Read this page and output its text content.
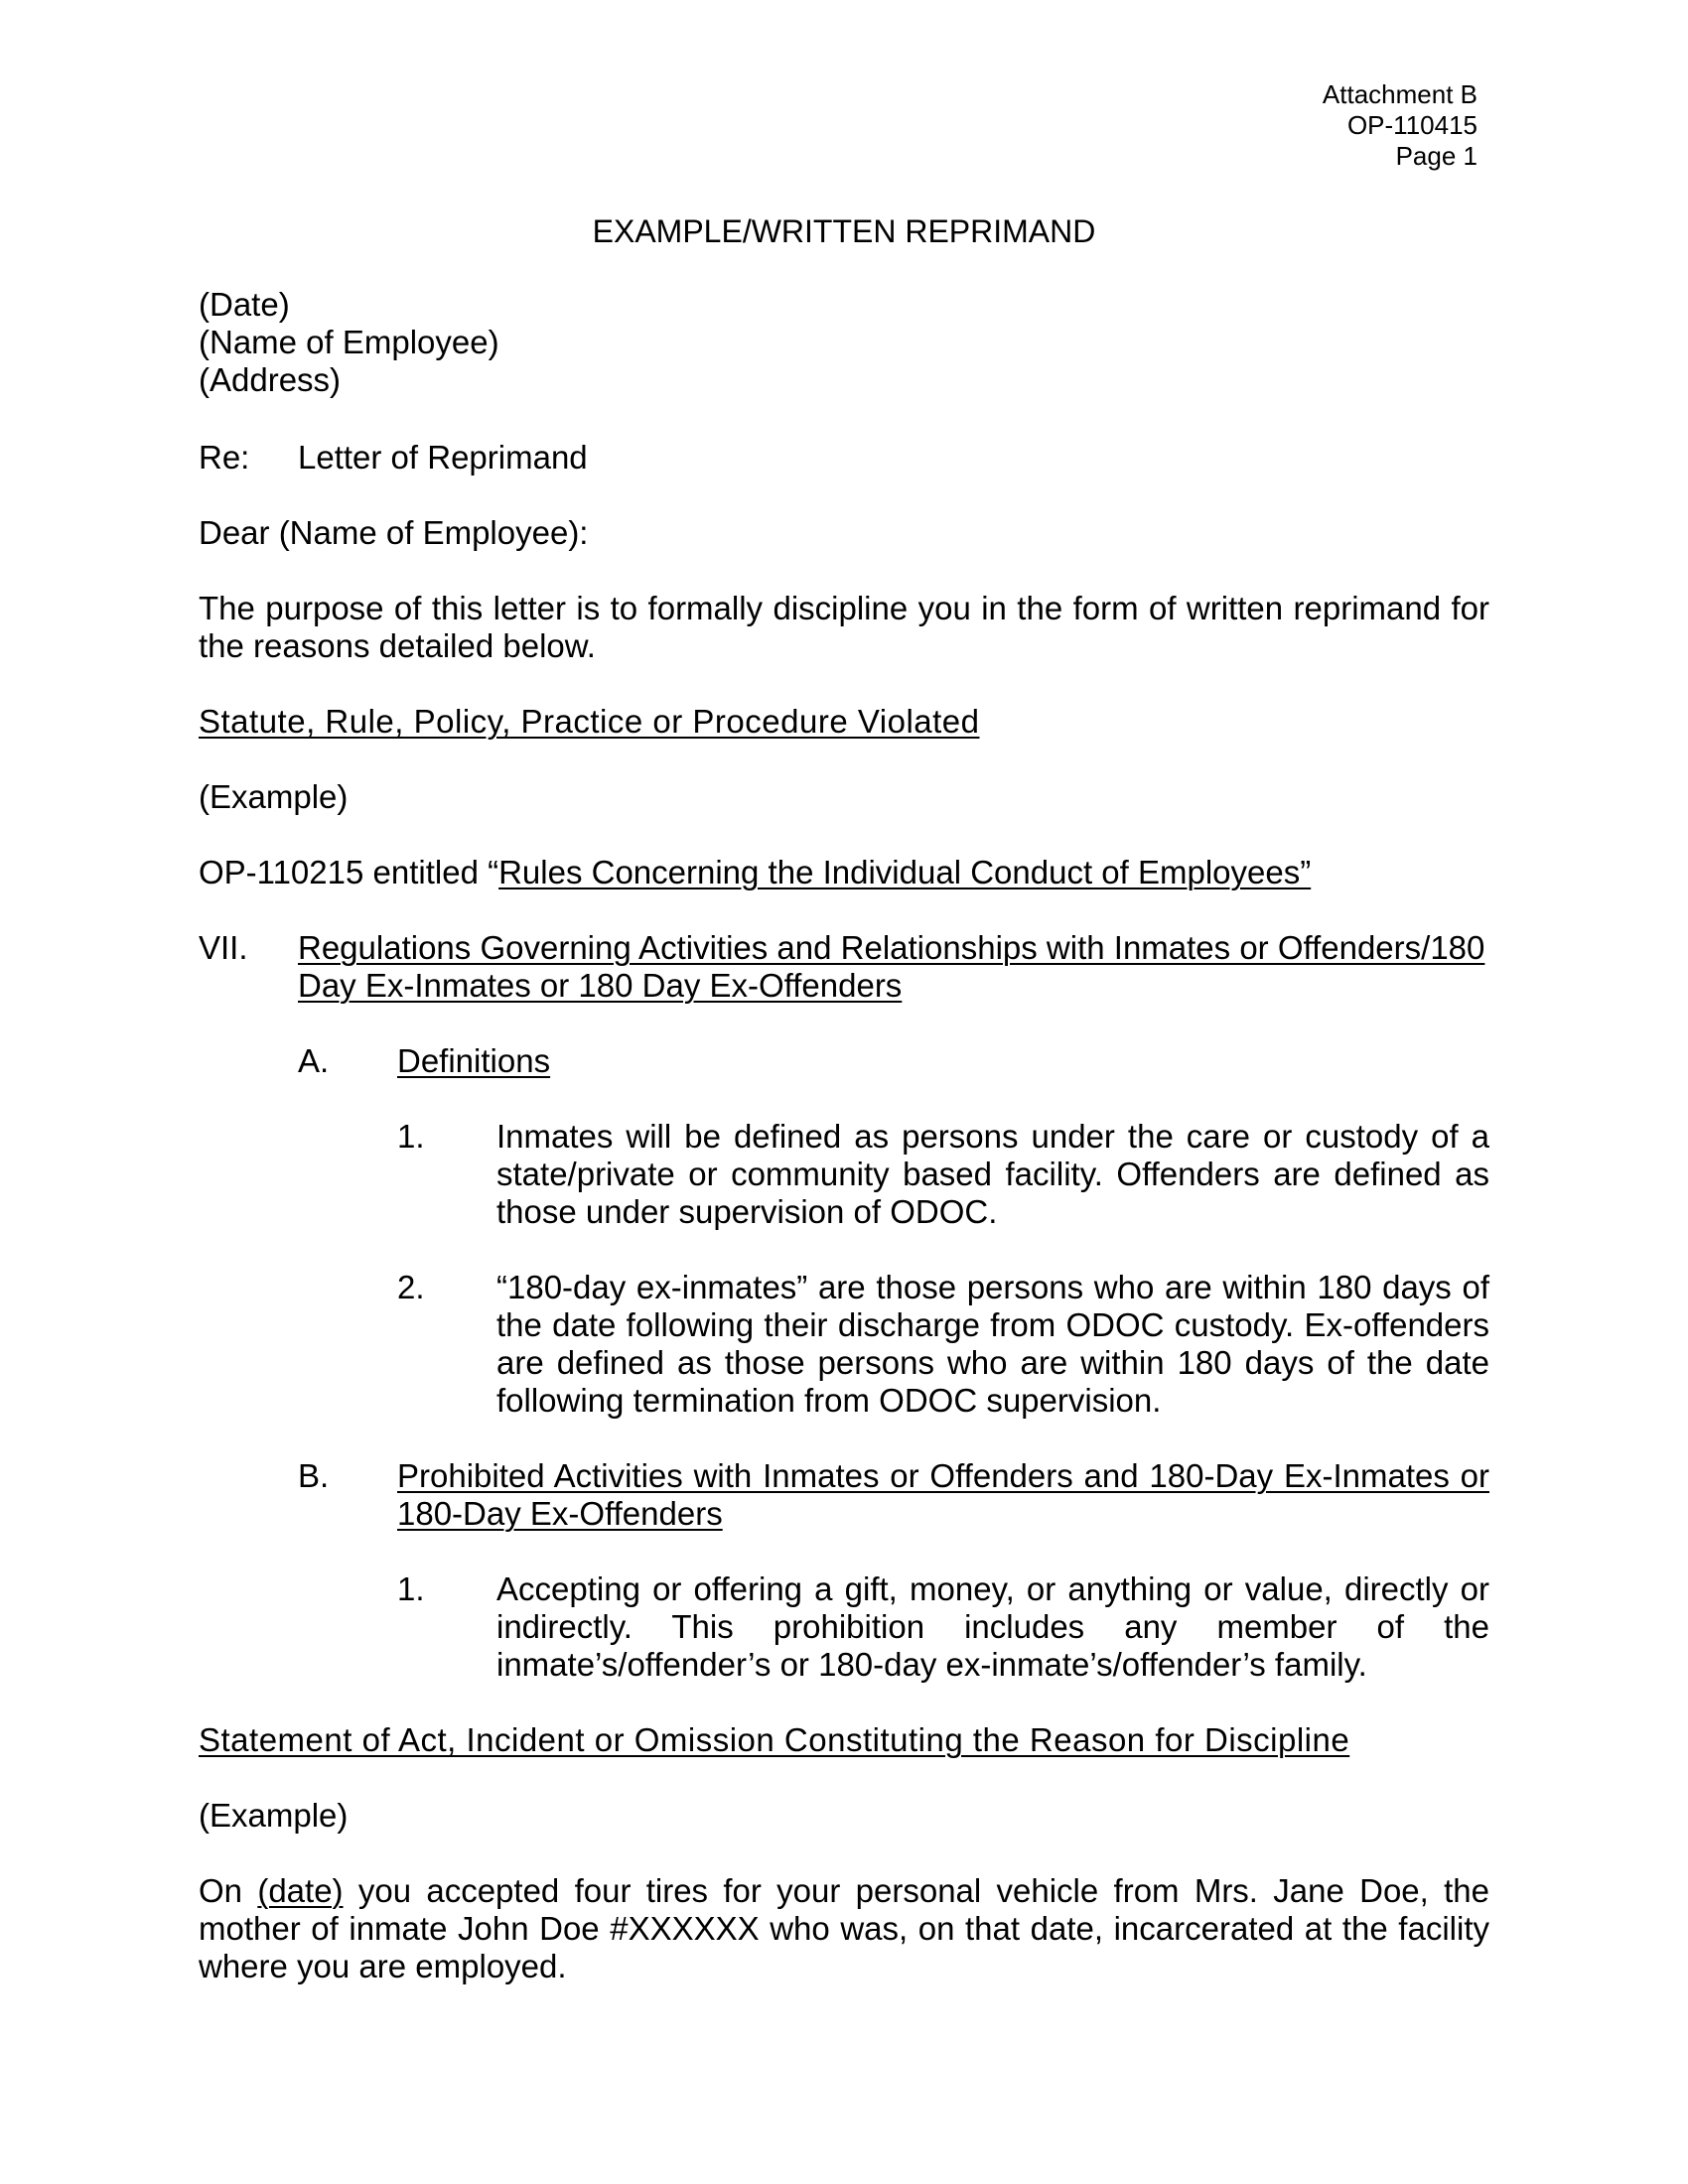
Attachment B
OP-110415
Page 1
EXAMPLE/WRITTEN REPRIMAND
(Date)
(Name of Employee)
(Address)
Re: Letter of Reprimand
Dear (Name of Employee):
The purpose of this letter is to formally discipline you in the form of written reprimand for
the reasons detailed below.
Statute, Rule, Policy, Practice or Procedure Violated
(Example)
OP-110215 entitled “Rules Concerning the Individual Conduct of Employees”
VII. Regulations Governing Activities and Relationships with Inmates or Offenders/180
Day Ex-Inmates or 180 Day Ex-Offenders
A. Definitions
1. Inmates will be defined as persons under the care or custody of a
state/private or community based facility. Offenders are defined as
those under supervision of ODOC.
2. “180-day ex-inmates” are those persons who are within 180 days of
the date following their discharge from ODOC custody. Ex-offenders
are defined as those persons who are within 180 days of the date
following termination from ODOC supervision.
B. Prohibited Activities with Inmates or Offenders and 180-Day Ex-Inmates or
180-Day Ex-Offenders
1. Accepting or offering a gift, money, or anything or value, directly or
indirectly. This prohibition includes any member of the
inmate’s/offender’s or 180-day ex-inmate’s/offender’s family.
Statement of Act, Incident or Omission Constituting the Reason for Discipline
(Example)
On (date) you accepted four tires for your personal vehicle from Mrs. Jane Doe, the
mother of inmate John Doe #XXXXXX who was, on that date, incarcerated at the facility
where you are employed.
